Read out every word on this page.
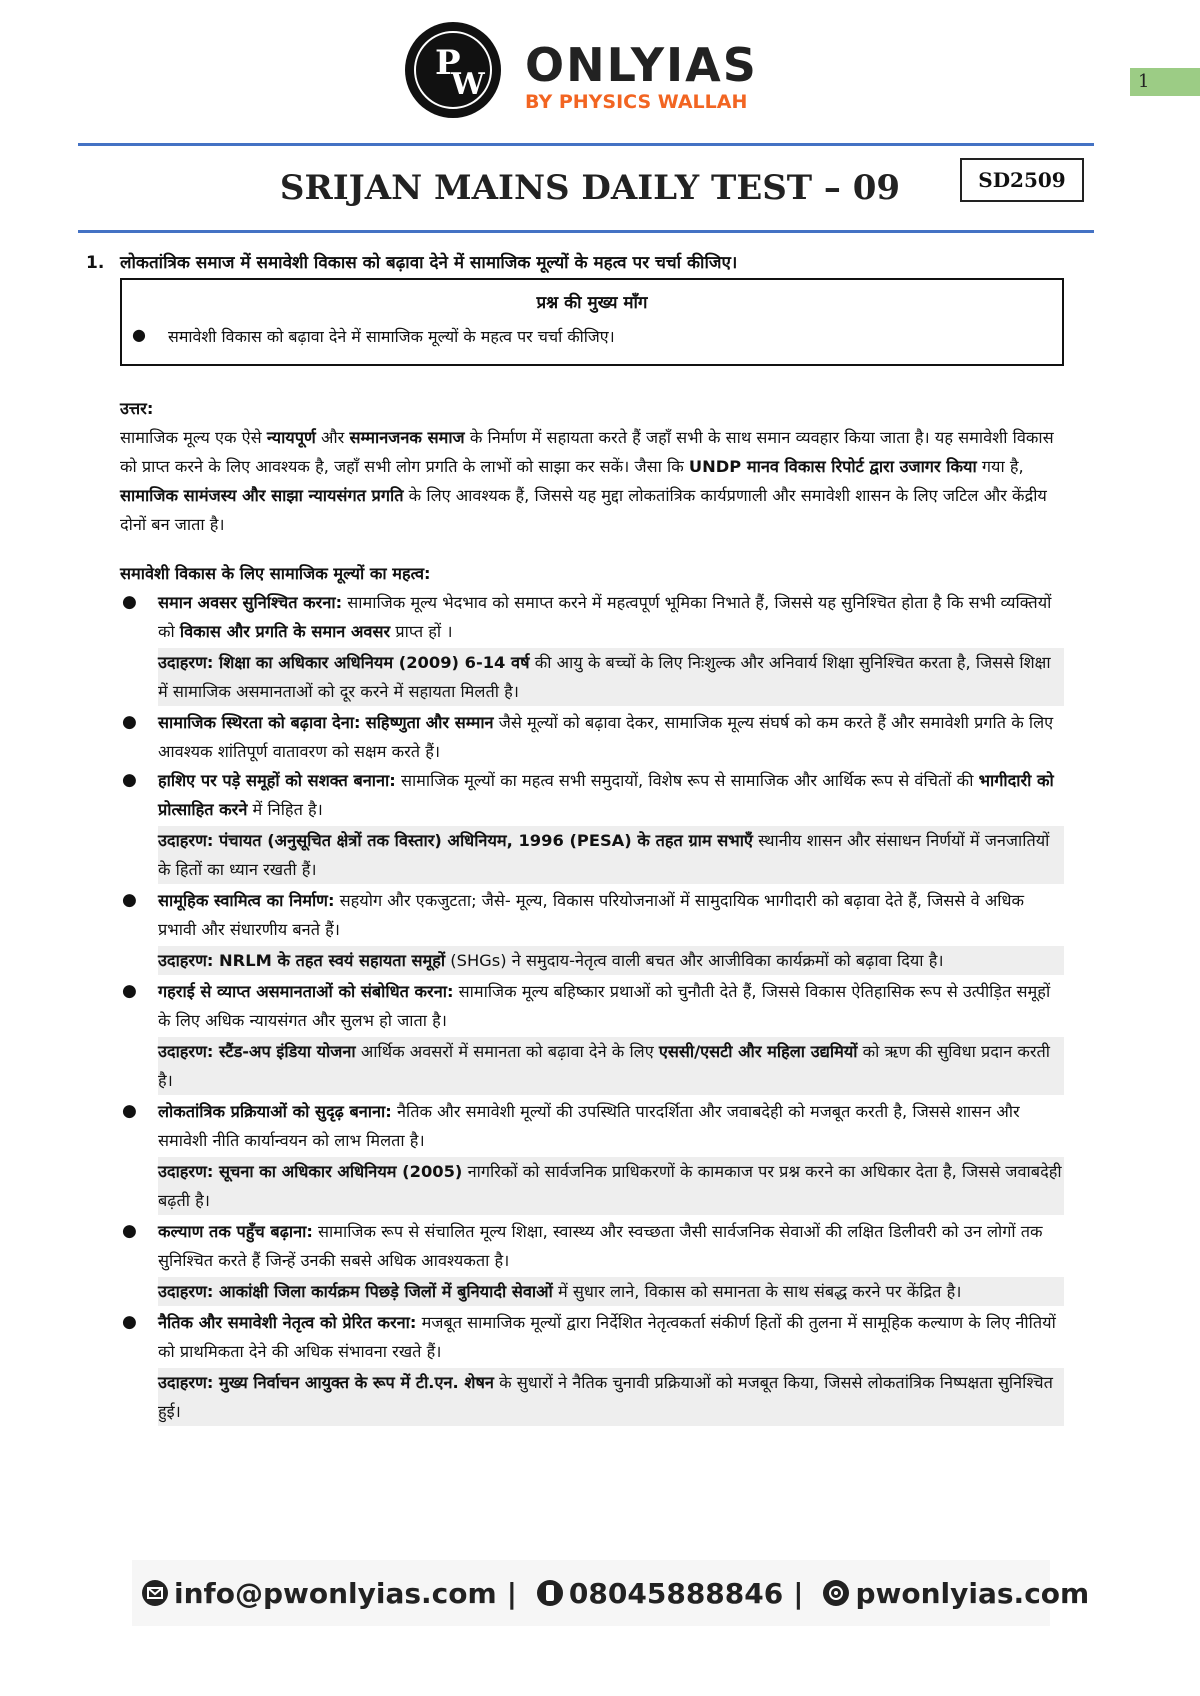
1
P
W ONLYIAS
BY PHYSICS WALLAH
SRIJAN MAINS DAILY TEST – 09	SD2509
1. लोकतांत्रिक समाज में समावेशी विकास को बढ़ावा देने में सामाजिक मूल्यों के महत्व पर चर्चा कीजिए।
प्रश्न की मुख्य माँग
● समावेशी विकास को बढ़ावा देने में सामाजिक मूल्यों के महत्व पर चर्चा कीजिए।

उत्तर:

सामाजिक मूल्य एक ऐसे न्यायपूर्ण और सम्मानजनक समाज के निर्माण में सहायता करते हैं जहाँ सभी के साथ समान व्यवहार किया जाता है। यह समावेशी विकास को प्राप्त करने के लिए आवश्यक है, जहाँ सभी लोग प्रगति के लाभों को साझा कर सकें। जैसा कि UNDP मानव विकास रिपोर्ट द्वारा उजागर किया गया है, सामाजिक सामंजस्य और साझा न्यायसंगत प्रगति के लिए आवश्यक हैं, जिससे यह मुद्दा लोकतांत्रिक कार्यप्रणाली और समावेशी शासन के लिए जटिल और केंद्रीय दोनों बन जाता है।

समावेशी विकास के लिए सामाजिक मूल्यों का महत्व:

● समान अवसर सुनिश्चित करना: सामाजिक मूल्य भेदभाव को समाप्त करने में महत्वपूर्ण भूमिका निभाते हैं, जिससे यह सुनिश्चित होता है कि सभी व्यक्तियों को विकास और प्रगति के समान अवसर प्राप्त हों ।
उदाहरण: शिक्षा का अधिकार अधिनियम (2009) 6-14 वर्ष की आयु के बच्चों के लिए निःशुल्क और अनिवार्य शिक्षा सुनिश्चित करता है, जिससे शिक्षा में सामाजिक असमानताओं को दूर करने में सहायता मिलती है।
● सामाजिक स्थिरता को बढ़ावा देना: सहिष्णुता और सम्मान जैसे मूल्यों को बढ़ावा देकर, सामाजिक मूल्य संघर्ष को कम करते हैं और समावेशी प्रगति के लिए आवश्यक शांतिपूर्ण वातावरण को सक्षम करते हैं।
● हाशिए पर पड़े समूहों को सशक्त बनाना: सामाजिक मूल्यों का महत्व सभी समुदायों, विशेष रूप से सामाजिक और आर्थिक रूप से वंचितों की भागीदारी को प्रोत्साहित करने में निहित है।
उदाहरण: पंचायत (अनुसूचित क्षेत्रों तक विस्तार) अधिनियम, 1996 (PESA) के तहत ग्राम सभाएँ स्थानीय शासन और संसाधन निर्णयों में जनजातियों के हितों का ध्यान रखती हैं।
● सामूहिक स्वामित्व का निर्माण: सहयोग और एकजुटता; जैसे- मूल्य, विकास परियोजनाओं में सामुदायिक भागीदारी को बढ़ावा देते हैं, जिससे वे अधिक प्रभावी और संधारणीय बनते हैं।
उदाहरण: NRLM के तहत स्वयं सहायता समूहों (SHGs) ने समुदाय-नेतृत्व वाली बचत और आजीविका कार्यक्रमों को बढ़ावा दिया है।
● गहराई से व्याप्त असमानताओं को संबोधित करना: सामाजिक मूल्य बहिष्कार प्रथाओं को चुनौती देते हैं, जिससे विकास ऐतिहासिक रूप से उत्पीड़ित समूहों के लिए अधिक न्यायसंगत और सुलभ हो जाता है।
उदाहरण: स्टैंड-अप इंडिया योजना आर्थिक अवसरों में समानता को बढ़ावा देने के लिए एससी/एसटी और महिला उद्यमियों को ऋण की सुविधा प्रदान करती है।
● लोकतांत्रिक प्रक्रियाओं को सुदृढ़ बनाना: नैतिक और समावेशी मूल्यों की उपस्थिति पारदर्शिता और जवाबदेही को मजबूत करती है, जिससे शासन और समावेशी नीति कार्यान्वयन को लाभ मिलता है।
उदाहरण: सूचना का अधिकार अधिनियम (2005) नागरिकों को सार्वजनिक प्राधिकरणों के कामकाज पर प्रश्न करने का अधिकार देता है, जिससे जवाबदेही बढ़ती है।
● कल्याण तक पहुँच बढ़ाना: सामाजिक रूप से संचालित मूल्य शिक्षा, स्वास्थ्य और स्वच्छता जैसी सार्वजनिक सेवाओं की लक्षित डिलीवरी को उन लोगों तक सुनिश्चित करते हैं जिन्हें उनकी सबसे अधिक आवश्यकता है।
उदाहरण: आकांक्षी जिला कार्यक्रम पिछड़े जिलों में बुनियादी सेवाओं में सुधार लाने, विकास को समानता के साथ संबद्ध करने पर केंद्रित है।
● नैतिक और समावेशी नेतृत्व को प्रेरित करना: मजबूत सामाजिक मूल्यों द्वारा निर्देशित नेतृत्वकर्ता संकीर्ण हितों की तुलना में सामूहिक कल्याण के लिए नीतियों को प्राथमिकता देने की अधिक संभावना रखते हैं।
उदाहरण: मुख्य निर्वाचन आयुक्त के रूप में टी.एन. शेषन के सुधारों ने नैतिक चुनावी प्रक्रियाओं को मजबूत किया, जिससे लोकतांत्रिक निष्पक्षता सुनिश्चित हुई।
info@pwonlyias.com | 08045888846 | pwonlyias.com
